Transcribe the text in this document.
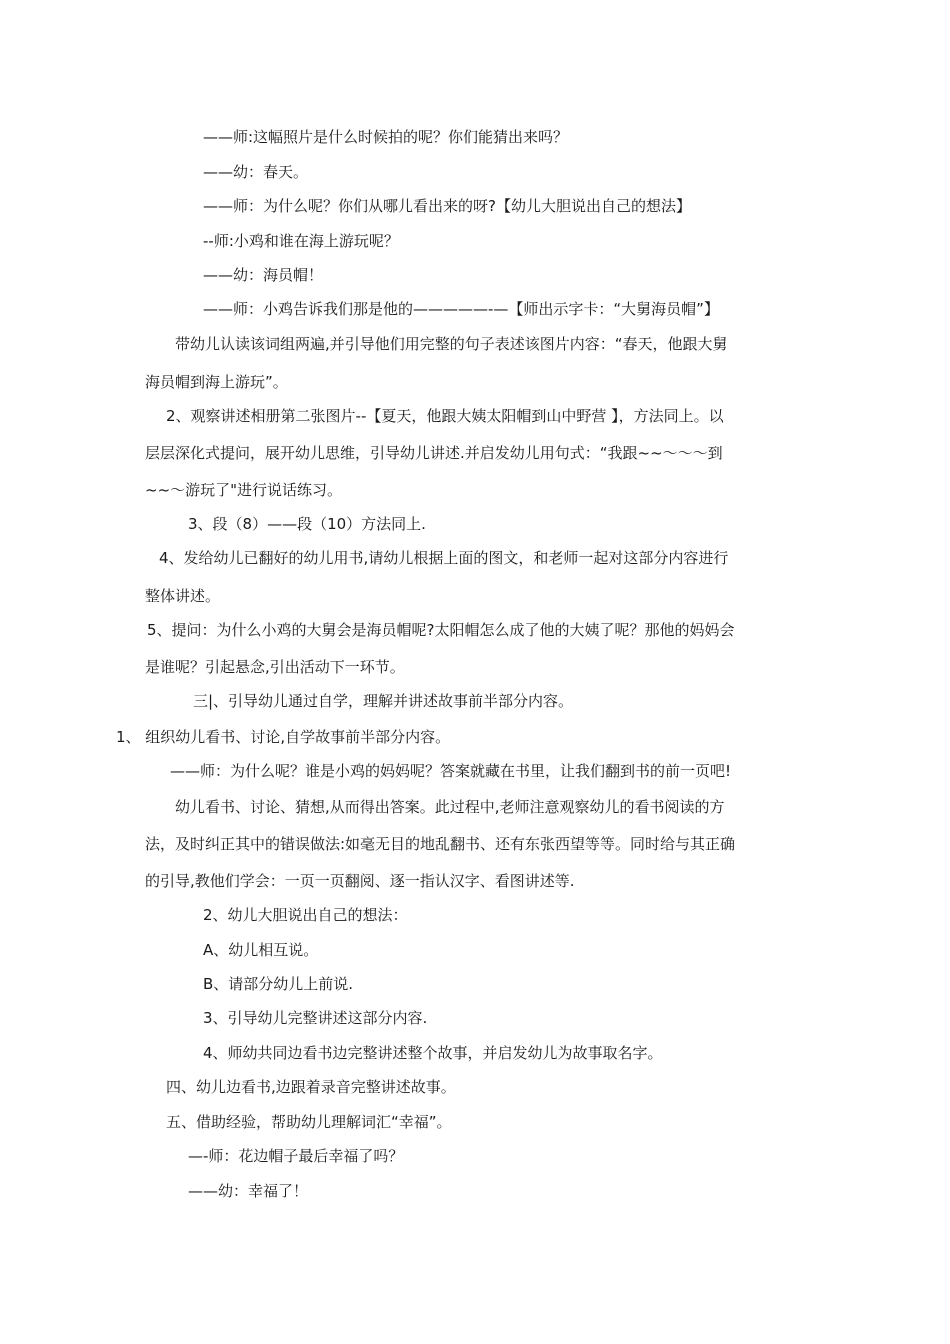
——师:这幅照片是什么时候拍的呢？你们能猜出来吗？
——幼：春天。
——师：为什么呢？你们从哪儿看出来的呀?【幼儿大胆说出自己的想法】
--师:小鸡和谁在海上游玩呢？
——幼：海员帽！
——师：小鸡告诉我们那是他的—————-—【师出示字卡：“大舅海员帽”】
带幼儿认读该词组两遍,并引导他们用完整的句子表述该图片内容：“春天，他跟大舅
海员帽到海上游玩”。
2、观察讲述相册第二张图片--【夏天，他跟大姨太阳帽到山中野营 】，方法同上。以
层层深化式提问，展开幼儿思维，引导幼儿讲述.并启发幼儿用句式：“我跟~~～～～到
~~～游玩了"进行说话练习。
3、段（8）——段（10）方法同上.
4、发给幼儿已翻好的幼儿用书,请幼儿根据上面的图文，和老师一起对这部分内容进行
整体讲述。
5、提问：为什么小鸡的大舅会是海员帽呢?太阳帽怎么成了他的大姨了呢？那他的妈妈会
是谁呢？引起悬念,引出活动下一环节。
三|、引导幼儿通过自学，理解并讲述故事前半部分内容。
1、 组织幼儿看书、讨论,自学故事前半部分内容。
——师：为什么呢？谁是小鸡的妈妈呢？答案就藏在书里，让我们翻到书的前一页吧!
幼儿看书、讨论、猜想,从而得出答案。此过程中,老师注意观察幼儿的看书阅读的方
法，及时纠正其中的错误做法:如毫无目的地乱翻书、还有东张西望等等。同时给与其正确
的引导,教他们学会：一页一页翻阅、逐一指认汉字、看图讲述等.
2、幼儿大胆说出自己的想法：
A、幼儿相互说。
B、请部分幼儿上前说.
3、引导幼儿完整讲述这部分内容.
4、师幼共同边看书边完整讲述整个故事，并启发幼儿为故事取名字。
四、幼儿边看书,边跟着录音完整讲述故事。
五、借助经验，帮助幼儿理解词汇“幸福”。
—-师：花边帽子最后幸福了吗？
——幼：幸福了！
